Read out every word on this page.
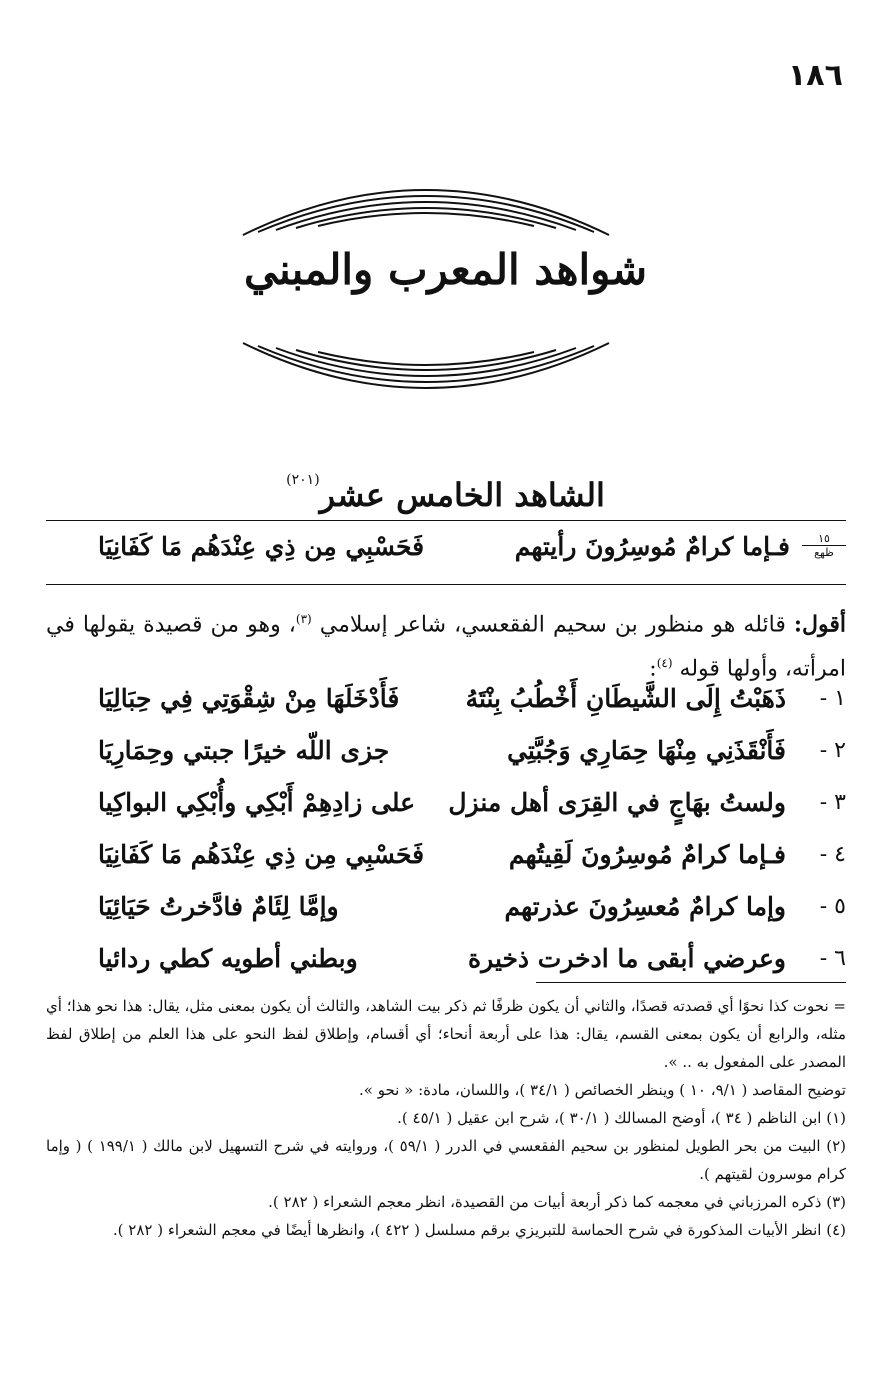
١٨٦
شواهد المعرب والمبني
الشاهد الخامس عشر$^{(٢٠١)}$
١٥
ظهع
فـإما كرامٌ مُوسِرُونَ رأيتهم
فَحَسْبِي مِن ذِي عِنْدَهُم مَا كَفَانِيَا
أقول: قائله هو منظور بن سحيم الفقعسي، شاعر إسلامي $^{(٣)}$، وهو من قصيدة يقولها في امرأته، وأولها قوله $^{(٤)}$:
١ -
ذَهَبْتُ إِلَى الشَّيطَانِ أَخْطُبُ بِنْتَهُ
فَأَدْخَلَهَا مِنْ شِقْوَتِي فِي حِبَالِيَا
٢ -
فَأَنْقَذَنِي مِنْهَا حِمَارِي وَجُبَّتِي
جزى اللّه خيرًا جبتي وحِمَارِيَا
٣ -
ولستُ بهَاجٍ في القِرَى أهل منزل
على زادِهِمْ أَبْكِي وأُبْكِي البواكِيا
٤ -
فـإما كرامٌ مُوسِرُونَ لَقِيتُهم
فَحَسْبِي مِن ذِي عِنْدَهُم مَا كَفَانِيَا
٥ -
وإما كرامٌ مُعسِرُونَ عذرتهم
وإمَّا لِئَامٌ فادَّخرتُ حَيَائِيَا
٦ -
وعرضي أبقى ما ادخرت ذخيرة
وبطني أطويه كطي ردائيا

= نحوت كذا نحوًا أي قصدته قصدًا، والثاني أن يكون ظرفًا ثم ذكر بيت الشاهد، والثالث أن يكون بمعنى مثل، يقال: هذا نحو هذا؛ أي مثله، والرابع أن يكون بمعنى القسم، يقال: هذا على أربعة أنحاء؛ أي أقسام، وإطلاق لفظ النحو على هذا العلم من إطلاق لفظ المصدر على المفعول به .. ».

توضيح المقاصد ( ٩/١، ١٠ ) وينظر الخصائص ( ٣٤/١ )، واللسان، مادة: « نحو ».

(١) ابن الناظم ( ٣٤ )، أوضح المسالك ( ٣٠/١ )، شرح ابن عقيل ( ٤٥/١ ).

(٢) البيت من بحر الطويل لمنظور بن سحيم الفقعسي في الدرر ( ٥٩/١ )، وروايته في شرح التسهيل لابن مالك ( ١٩٩/١ ) ( وإما كرام موسرون لقيتهم ).

(٣) ذكره المرزباني في معجمه كما ذكر أربعة أبيات من القصيدة، انظر معجم الشعراء ( ٢٨٢ ).

(٤) انظر الأبيات المذكورة في شرح الحماسة للتبريزي برقم مسلسل ( ٤٢٢ )، وانظرها أيضًا في معجم الشعراء ( ٢٨٢ ).
